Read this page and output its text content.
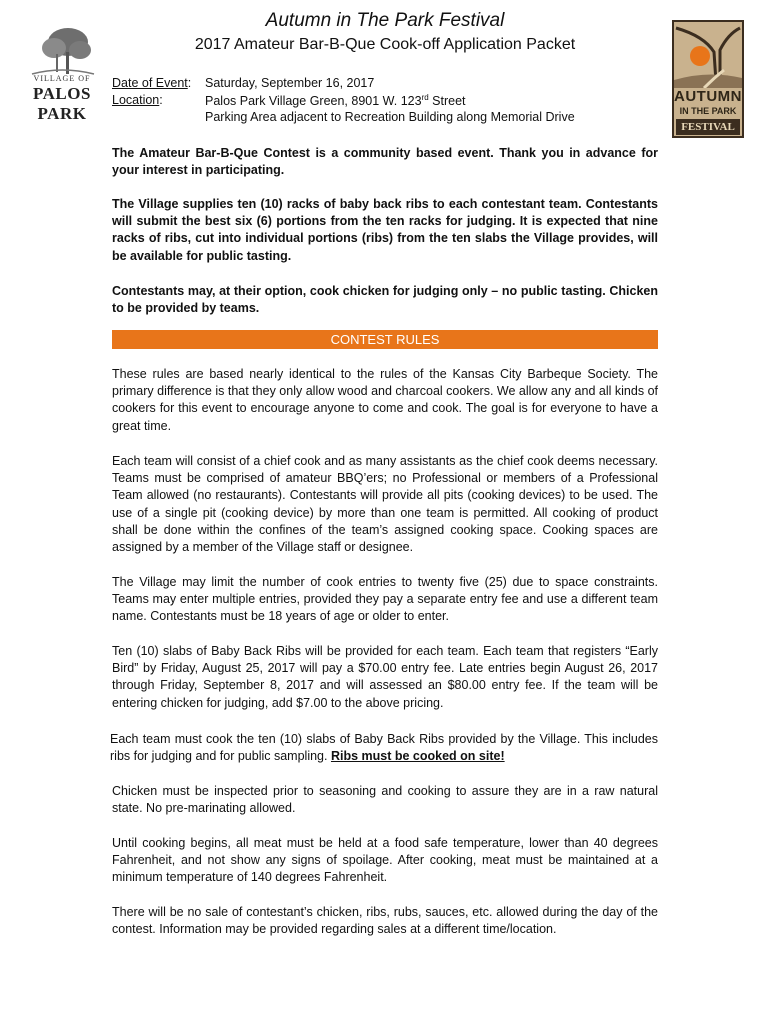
Autumn in The Park Festival
2017 Amateur Bar-B-Que Cook-off Application Packet
VILLAGE OF
PALOS PARK
AUTUMN
IN THE PARK
FESTIVAL
Date of Event: Saturday, September 16, 2017
Location:	Palos Park Village Green, 8901 W. 123rd Street
Parking Area adjacent to Recreation Building along Memorial Drive

The Amateur Bar-B-Que Contest is a community based event. Thank you in advance for your interest in participating.

The Village supplies ten (10) racks of baby back ribs to each contestant team. Contestants will submit the best six (6) portions from the ten racks for judging. It is expected that nine racks of ribs, cut into individual portions (ribs) from the ten slabs the Village provides, will be available for public tasting.

Contestants may, at their option, cook chicken for judging only – no public tasting. Chicken to be provided by teams.

CONTEST RULES

These rules are based nearly identical to the rules of the Kansas City Barbeque Society. The primary difference is that they only allow wood and charcoal cookers. We allow any and all kinds of cookers for this event to encourage anyone to come and cook. The goal is for everyone to have a great time.

Each team will consist of a chief cook and as many assistants as the chief cook deems necessary. Teams must be comprised of amateur BBQ’ers; no Professional or members of a Professional Team allowed (no restaurants). Contestants will provide all pits (cooking devices) to be used. The use of a single pit (cooking device) by more than one team is permitted. All cooking of product shall be done within the confines of the team’s assigned cooking space. Cooking spaces are assigned by a member of the Village staff or designee.

The Village may limit the number of cook entries to twenty five (25) due to space constraints. Teams may enter multiple entries, provided they pay a separate entry fee and use a different team name. Contestants must be 18 years of age or older to enter.

Ten (10) slabs of Baby Back Ribs will be provided for each team. Each team that registers “Early Bird” by Friday, August 25, 2017 will pay a $70.00 entry fee. Late entries begin August 26, 2017 through Friday, September 8, 2017 and will assessed an $80.00 entry fee. If the team will be entering chicken for judging, add $7.00 to the above pricing.

Each team must cook the ten (10) slabs of Baby Back Ribs provided by the Village. This includes ribs for judging and for public sampling. Ribs must be cooked on site!

Chicken must be inspected prior to seasoning and cooking to assure they are in a raw natural state. No pre-marinating allowed.

Until cooking begins, all meat must be held at a food safe temperature, lower than 40 degrees Fahrenheit, and not show any signs of spoilage. After cooking, meat must be maintained at a minimum temperature of 140 degrees Fahrenheit.

There will be no sale of contestant’s chicken, ribs, rubs, sauces, etc. allowed during the day of the contest. Information may be provided regarding sales at a different time/location.
